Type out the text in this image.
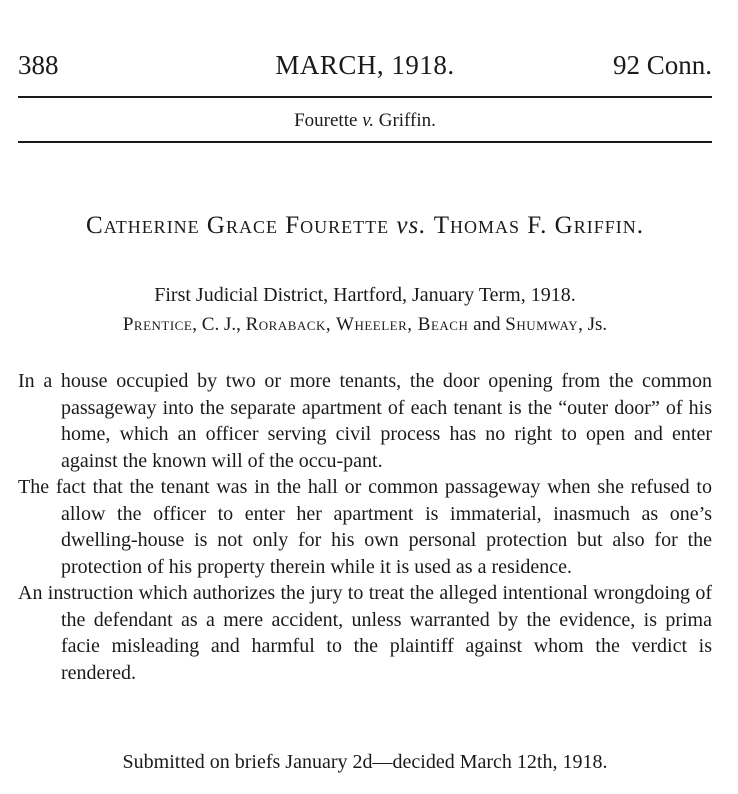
388	MARCH, 1918.	92 Conn.
Fourette v. Griffin.
Catherine Grace Fourette vs. Thomas F. Griffin.
First Judicial District, Hartford, January Term, 1918.
Prentice, C. J., Roraback, Wheeler, Beach and Shumway, Js.

In a house occupied by two or more tenants, the door opening from the common passageway into the separate apartment of each tenant is the “outer door” of his home, which an officer serving civil process has no right to open and enter against the known will of the occu-pant.

The fact that the tenant was in the hall or common passageway when she refused to allow the officer to enter her apartment is immaterial, inasmuch as one’s dwelling-house is not only for his own personal protection but also for the protection of his property therein while it is used as a residence.

An instruction which authorizes the jury to treat the alleged intentional wrongdoing of the defendant as a mere accident, unless warranted by the evidence, is prima facie misleading and harmful to the plaintiff against whom the verdict is rendered.

Submitted on briefs January 2d—decided March 12th, 1918.
